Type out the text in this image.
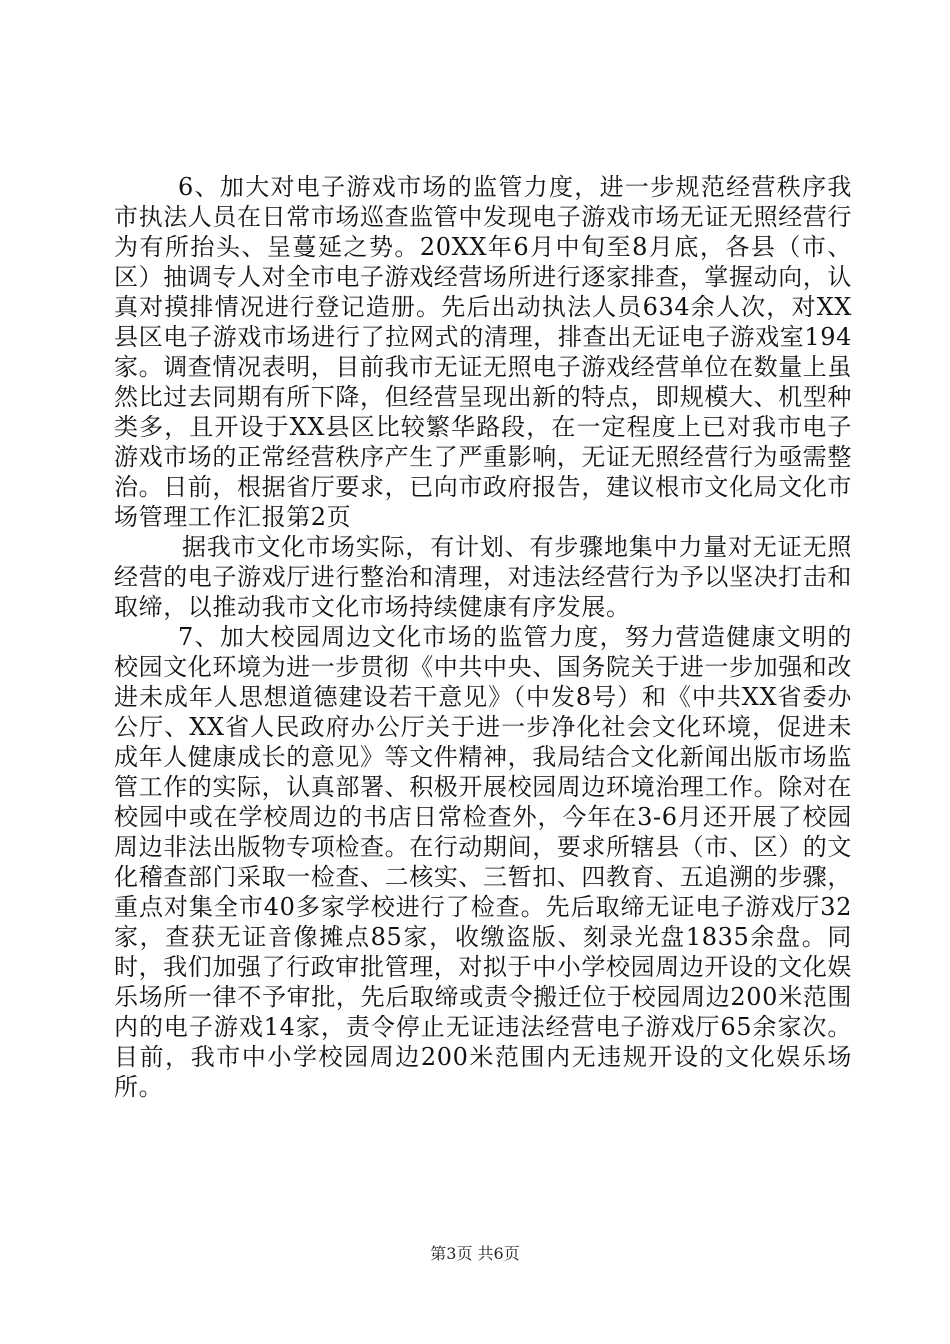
6、加大对电子游戏市场的监管力度，进一步规范经营秩序我市执法人员在日常市场巡查监管中发现电子游戏市场无证无照经营行为有所抬头、呈蔓延之势。20XX年6月中旬至8月底，各县（市、区）抽调专人对全市电子游戏经营场所进行逐家排查，掌握动向，认真对摸排情况进行登记造册。先后出动执法人员634余人次，对XX县区电子游戏市场进行了拉网式的清理，排查出无证电子游戏室194家。调查情况表明，目前我市无证无照电子游戏经营单位在数量上虽然比过去同期有所下降，但经营呈现出新的特点，即规模大、机型种类多，且开设于XX县区比较繁华路段，在一定程度上已对我市电子游戏市场的正常经营秩序产生了严重影响，无证无照经营行为亟需整治。日前，根据省厅要求，已向市政府报告，建议根市文化局文化市场管理工作汇报第2页

据我市文化市场实际，有计划、有步骤地集中力量对无证无照经营的电子游戏厅进行整治和清理，对违法经营行为予以坚决打击和取缔，以推动我市文化市场持续健康有序发展。

7、加大校园周边文化市场的监管力度，努力营造健康文明的校园文化环境为进一步贯彻《中共中央、国务院关于进一步加强和改进未成年人思想道德建设若干意见》（中发8号）和《中共XX省委办公厅、XX省人民政府办公厅关于进一步净化社会文化环境，促进未成年人健康成长的意见》等文件精神，我局结合文化新闻出版市场监管工作的实际，认真部署、积极开展校园周边环境治理工作。除对在校园中或在学校周边的书店日常检查外，今年在3-6月还开展了校园周边非法出版物专项检查。在行动期间，要求所辖县（市、区）的文化稽查部门采取一检查、二核实、三暂扣、四教育、五追溯的步骤，重点对集全市40多家学校进行了检查。先后取缔无证电子游戏厅32家，查获无证音像摊点85家，收缴盗版、刻录光盘1835余盘。同时，我们加强了行政审批管理，对拟于中小学校园周边开设的文化娱乐场所一律不予审批，先后取缔或责令搬迁位于校园周边200米范围内的电子游戏14家，责令停止无证违法经营电子游戏厅65余家次。目前，我市中小学校园周边200米范围内无违规开设的文化娱乐场所。

第3页 共6页
